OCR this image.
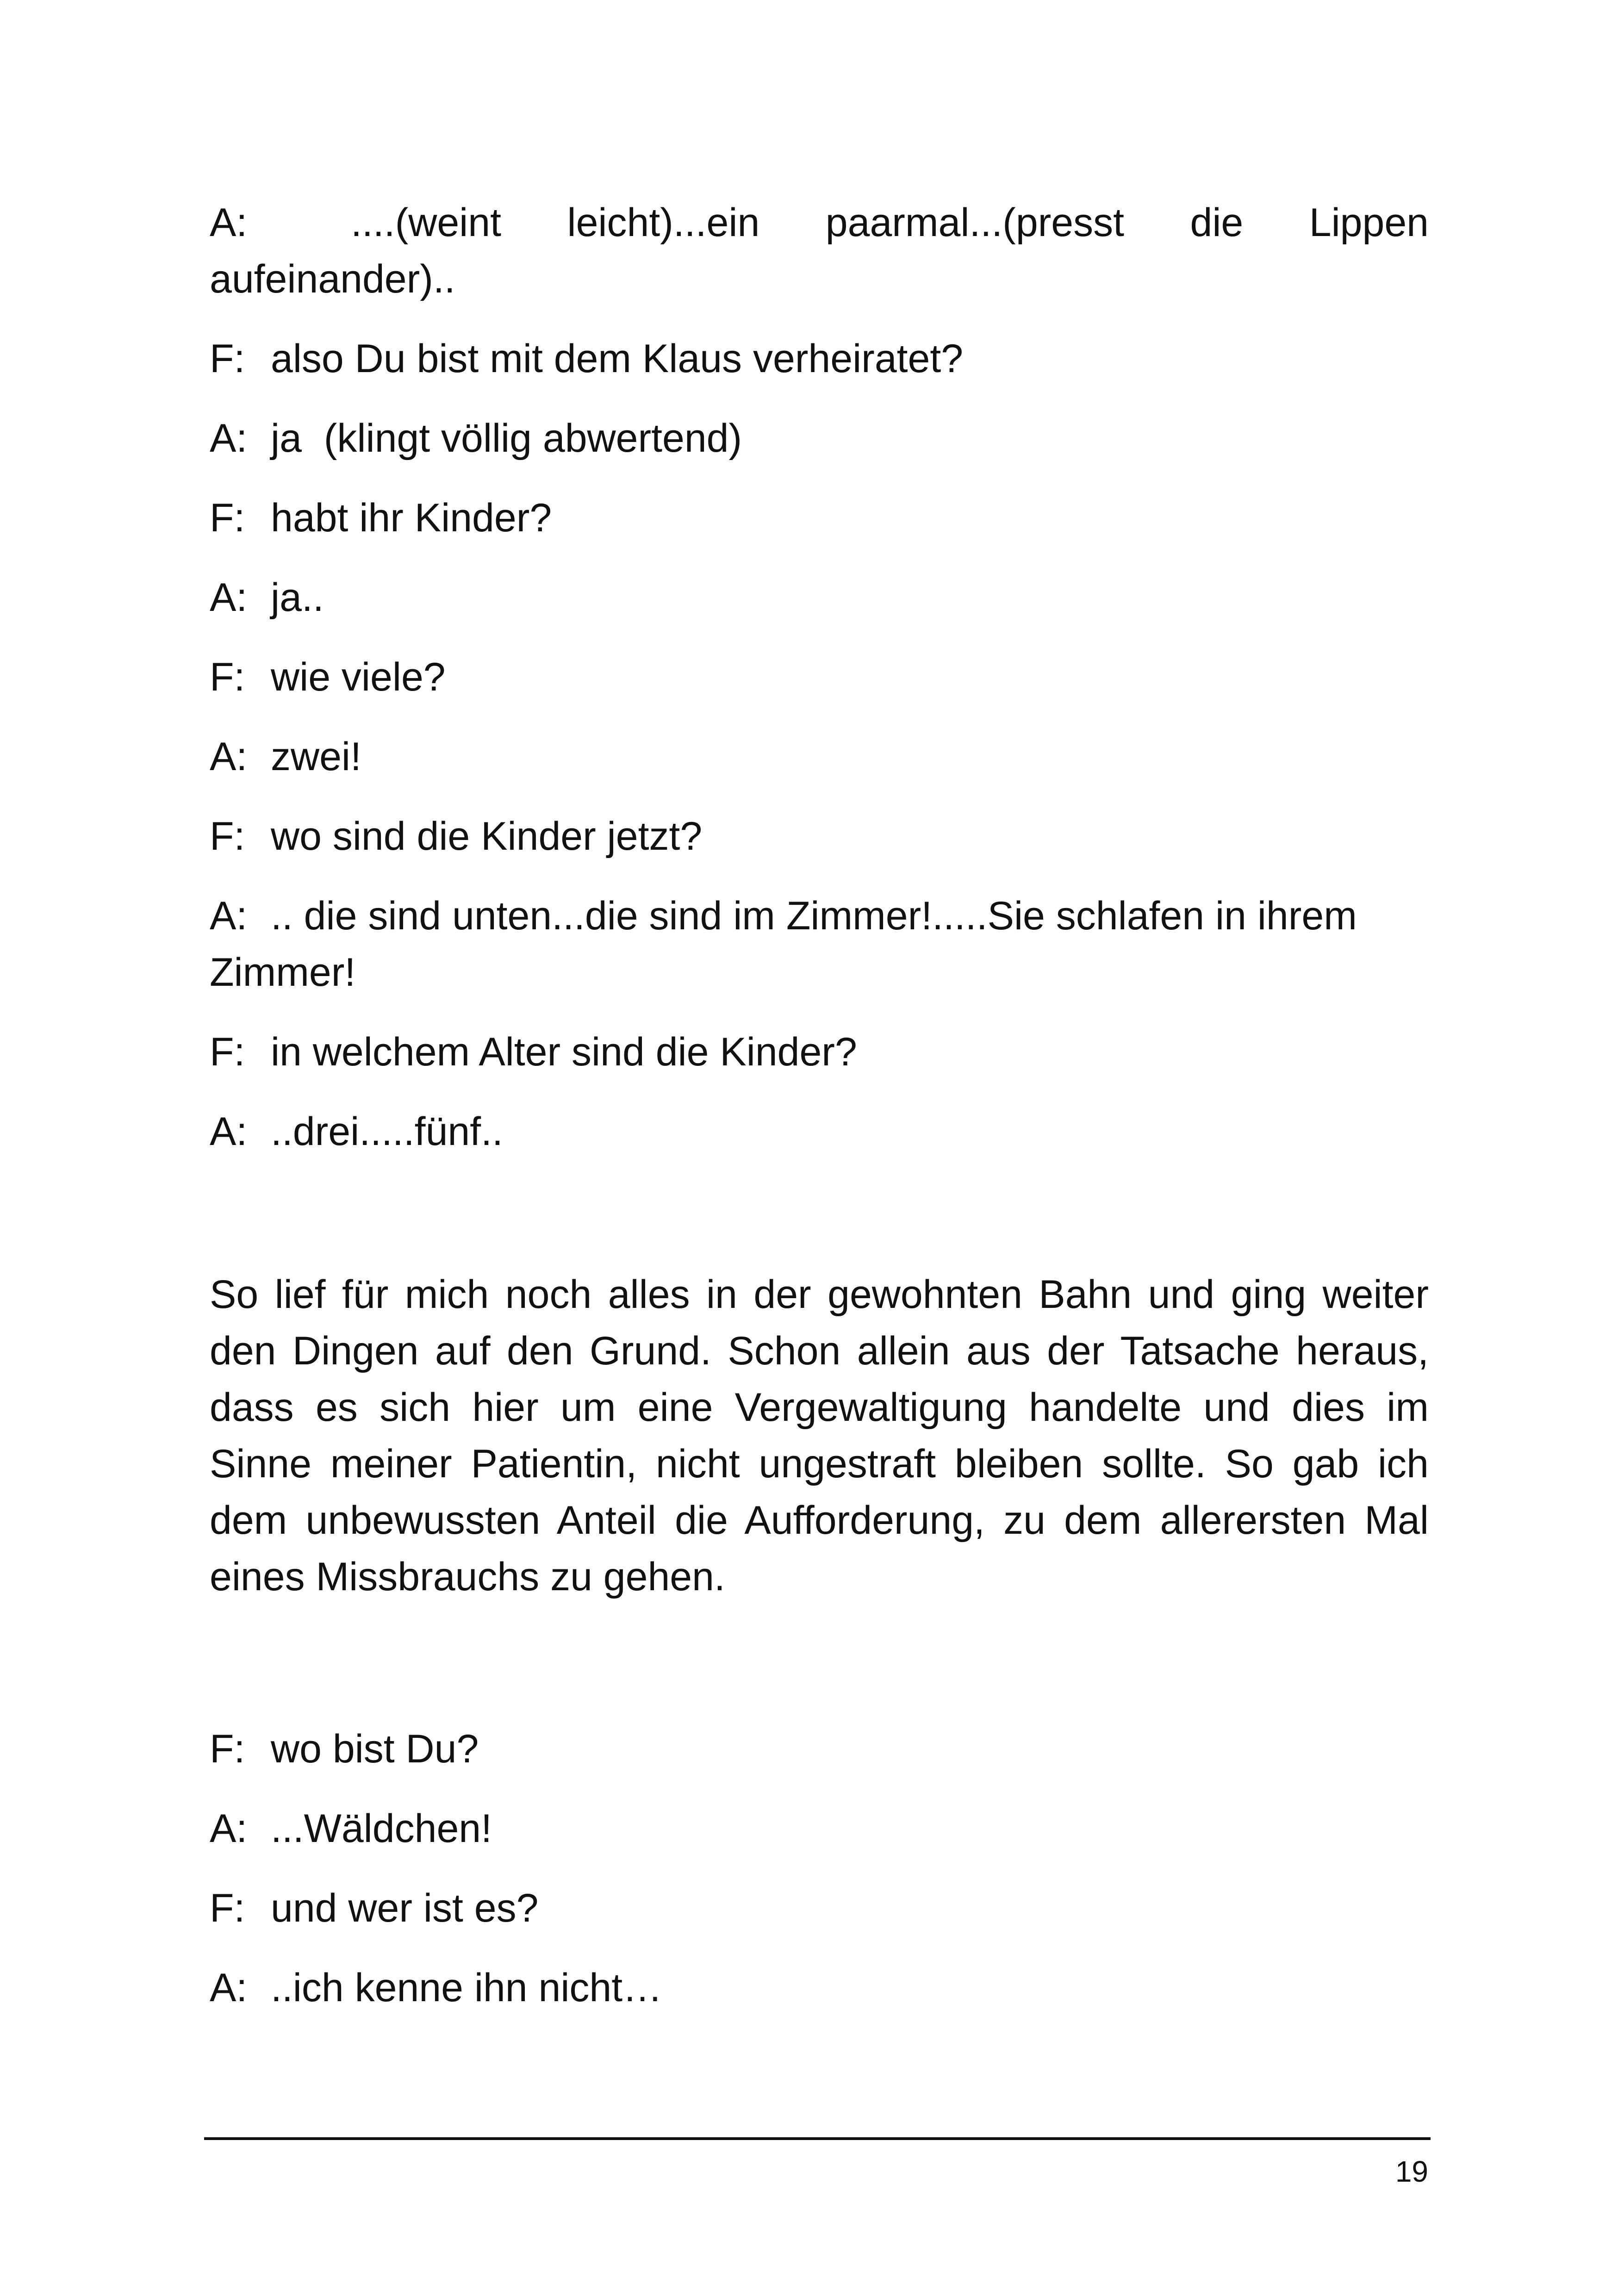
A:	....(weint leicht)...ein paarmal...(presst die Lippen aufeinander)..

F: also Du bist mit dem Klaus verheiratet?
A: ja  (klingt völlig abwertend)
F: habt ihr Kinder?
A: ja..
F: wie viele?
A: zwei!
F: wo sind die Kinder jetzt?

A: .. die sind unten...die sind im Zimmer!.....Sie schlafen in ihrem Zimmer!

F: in welchem Alter sind die Kinder?
A: ..drei.....fünf..

So lief für mich noch alles in der gewohnten Bahn und ging weiter den Dingen auf den Grund. Schon allein aus der Tatsache heraus, dass es sich hier um eine Vergewaltigung handelte und dies im Sinne meiner Patientin, nicht ungestraft bleiben sollte. So gab ich dem unbewussten Anteil die Aufforderung, zu dem allerersten Mal eines Missbrauchs zu gehen.

F: wo bist Du?
A: ...Wäldchen!
F: und wer ist es?
A: ..ich kenne ihn nicht…
19
